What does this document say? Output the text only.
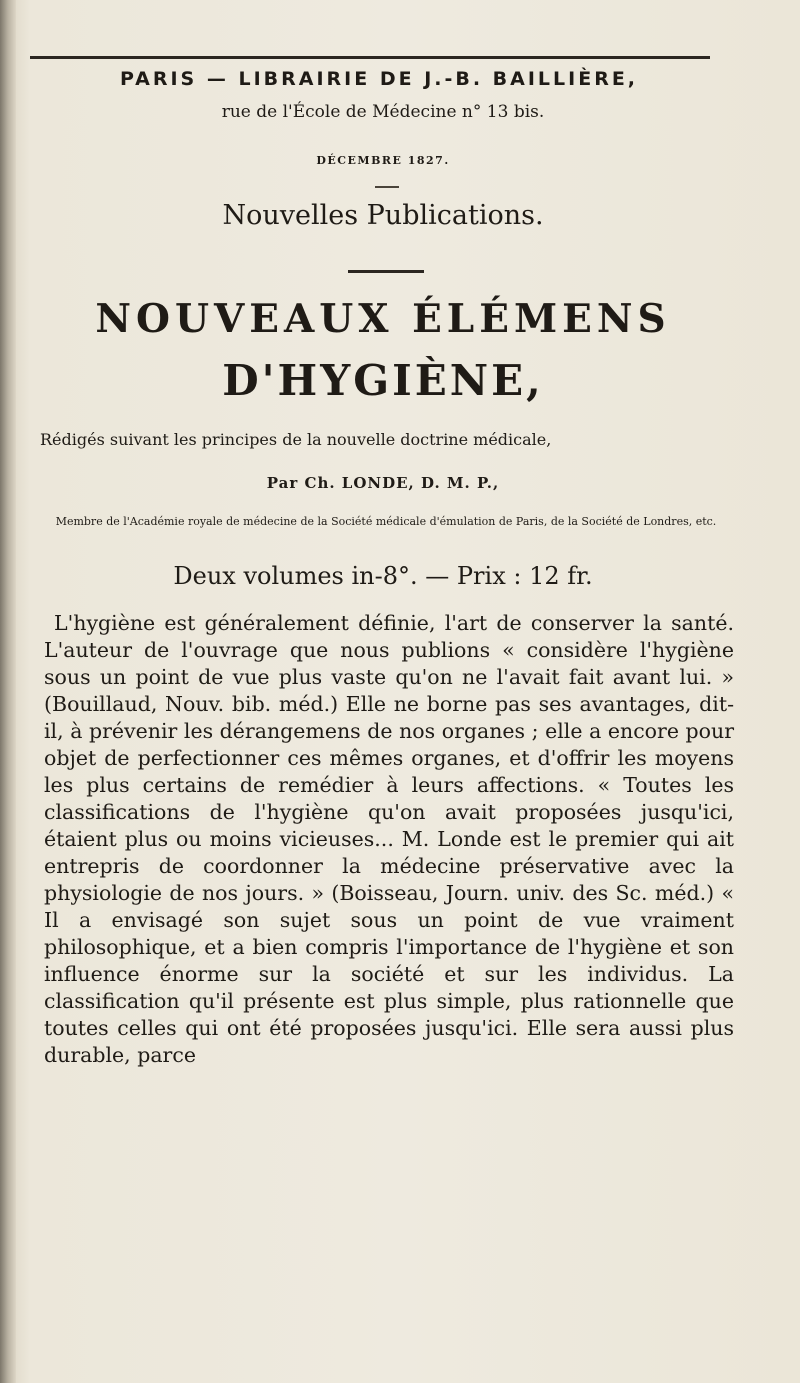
PARIS — LIBRAIRIE DE J.-B. BAILLIÈRE,
rue de l'École de Médecine n° 13 bis.
DÉCEMBRE 1827.
Nouvelles Publications.
NOUVEAUX ÉLÉMENS
D'HYGIÈNE,
Rédigés suivant les principes de la nouvelle doctrine médicale,
Par Ch. LONDE, D. M. P.,
Membre de l'Académie royale de médecine de la Société médicale d'émulation de Paris, de la Société de Londres, etc.
Deux volumes in-8°. — Prix : 12 fr.

L'hygiène est généralement définie, l'art de conserver la santé. L'auteur de l'ouvrage que nous publions « considère l'hygiène sous un point de vue plus vaste qu'on ne l'avait fait avant lui. » (Bouillaud, Nouv. bib. méd.) Elle ne borne pas ses avantages, dit-il, à prévenir les dérangemens de nos organes ; elle a encore pour objet de perfectionner ces mêmes organes, et d'offrir les moyens les plus certains de remédier à leurs affections. « Toutes les classifications de l'hygiène qu'on avait proposées jusqu'ici, étaient plus ou moins vicieuses... M. Londe est le premier qui ait entrepris de coordonner la médecine préservative avec la physiologie de nos jours. » (Boisseau, Journ. univ. des Sc. méd.) « Il a envisagé son sujet sous un point de vue vraiment philosophique, et a bien compris l'importance de l'hygiène et son influence énorme sur la société et sur les individus. La classification qu'il présente est plus simple, plus rationnelle que toutes celles qui ont été proposées jusqu'ici. Elle sera aussi plus durable, parce
